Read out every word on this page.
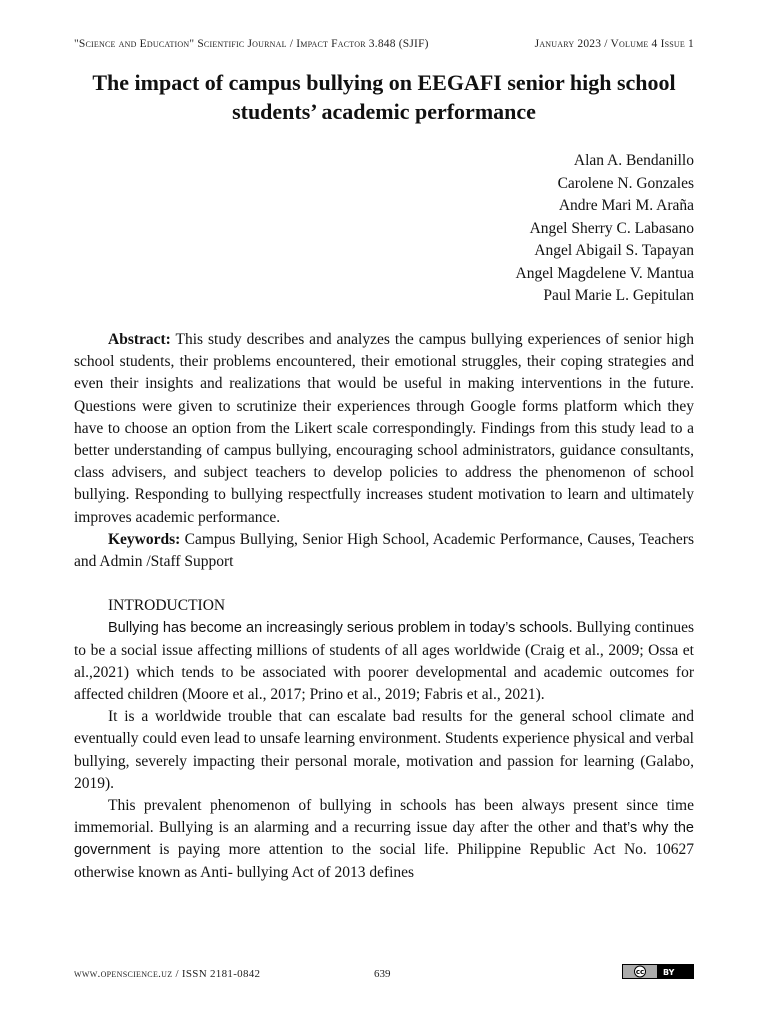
"Science and Education" Scientific Journal / Impact Factor 3.848 (SJIF)	January 2023 / Volume 4 Issue 1
The impact of campus bullying on EEGAFI senior high school students’ academic performance
Alan A. Bendanillo
Carolene N. Gonzales
Andre Mari M. Araña
Angel Sherry C. Labasano
Angel Abigail S. Tapayan
Angel Magdelene V. Mantua
Paul Marie L. Gepitulan

Abstract: This study describes and analyzes the campus bullying experiences of senior high school students, their problems encountered, their emotional struggles, their coping strategies and even their insights and realizations that would be useful in making interventions in the future. Questions were given to scrutinize their experiences through Google forms platform which they have to choose an option from the Likert scale correspondingly. Findings from this study lead to a better understanding of campus bullying, encouraging school administrators, guidance consultants, class advisers, and subject teachers to develop policies to address the phenomenon of school bullying. Responding to bullying respectfully increases student motivation to learn and ultimately improves academic performance.

Keywords: Campus Bullying, Senior High School, Academic Performance, Causes, Teachers and Admin /Staff Support

INTRODUCTION

Bullying has become an increasingly serious problem in today’s schools. Bullying continues to be a social issue affecting millions of students of all ages worldwide (Craig et al., 2009; Ossa et al.,2021) which tends to be associated with poorer developmental and academic outcomes for affected children (Moore et al., 2017; Prino et al., 2019; Fabris et al., 2021).

It is a worldwide trouble that can escalate bad results for the general school climate and eventually could even lead to unsafe learning environment. Students experience physical and verbal bullying, severely impacting their personal morale, motivation and passion for learning (Galabo, 2019).

This prevalent phenomenon of bullying in schools has been always present since time immemorial. Bullying is an alarming and a recurring issue day after the other and that’s why the government is paying more attention to the social life. Philippine Republic Act No. 10627 otherwise known as Anti- bullying Act of 2013 defines

www.openscience.uz / ISSN 2181-0842	639	cc BY
